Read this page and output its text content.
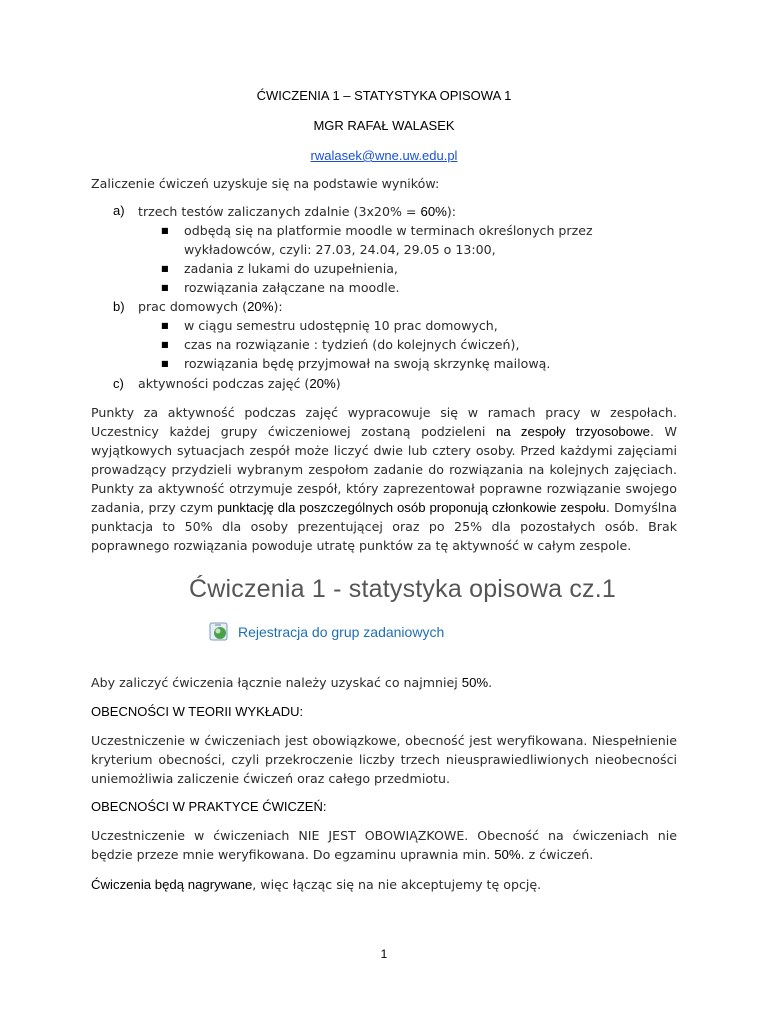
ĆWICZENIA 1 – STATYSTYKA OPISOWA 1
MGR RAFAŁ WALASEK
rwalasek@wne.uw.edu.pl
Zaliczenie ćwiczeń uzyskuje się na podstawie wyników:
a) trzech testów zaliczanych zdalnie (3x20% = 60%):
■ odbędą się na platformie moodle w terminach określonych przez
wykładowców, czyli: 27.03, 24.04, 29.05 o 13:00,
■ zadania z lukami do uzupełnienia,
■ rozwiązania załączane na moodle.
b) prac domowych (20%):
■ w ciągu semestru udostępnię 10 prac domowych,
■ czas na rozwiązanie : tydzień (do kolejnych ćwiczeń),
■ rozwiązania będę przyjmował na swoją skrzynkę mailową.
c) aktywności podczas zajęć (20%)
Punkty za aktywność podczas zajęć wypracowuje się w ramach pracy w zespołach. Uczestnicy każdej grupy ćwiczeniowej zostaną podzieleni na zespoły trzyosobowe. W wyjątkowych sytuacjach zespół może liczyć dwie lub cztery osoby. Przed każdymi zajęciami prowadzący przydzieli wybranym zespołom zadanie do rozwiązania na kolejnych zajęciach. Punkty za aktywność otrzymuje zespół, który zaprezentował poprawne rozwiązanie swojego zadania, przy czym punktację dla poszczególnych osób proponują członkowie zespołu. Domyślna punktacja to 50% dla osoby prezentującej oraz po 25% dla pozostałych osób. Brak poprawnego rozwiązania powoduje utratę punktów za tę aktywność w całym zespole.
Ćwiczenia 1 - statystyka opisowa cz.1
Rejestracja do grup zadaniowych
Aby zaliczyć ćwiczenia łącznie należy uzyskać co najmniej 50%.
OBECNOŚCI W TEORII WYKŁADU:
Uczestniczenie w ćwiczeniach jest obowiązkowe, obecność jest weryfikowana. Niespełnienie kryterium obecności, czyli przekroczenie liczby trzech nieusprawiedliwionych nieobecności uniemożliwia zaliczenie ćwiczeń oraz całego przedmiotu.
OBECNOŚCI W PRAKTYCE ĆWICZEŃ:
Uczestniczenie w ćwiczeniach NIE JEST OBOWIĄZKOWE. Obecność na ćwiczeniach nie będzie przeze mnie weryfikowana. Do egzaminu uprawnia min. 50%. z ćwiczeń.
Ćwiczenia będą nagrywane, więc łącząc się na nie akceptujemy tę opcję.
1
